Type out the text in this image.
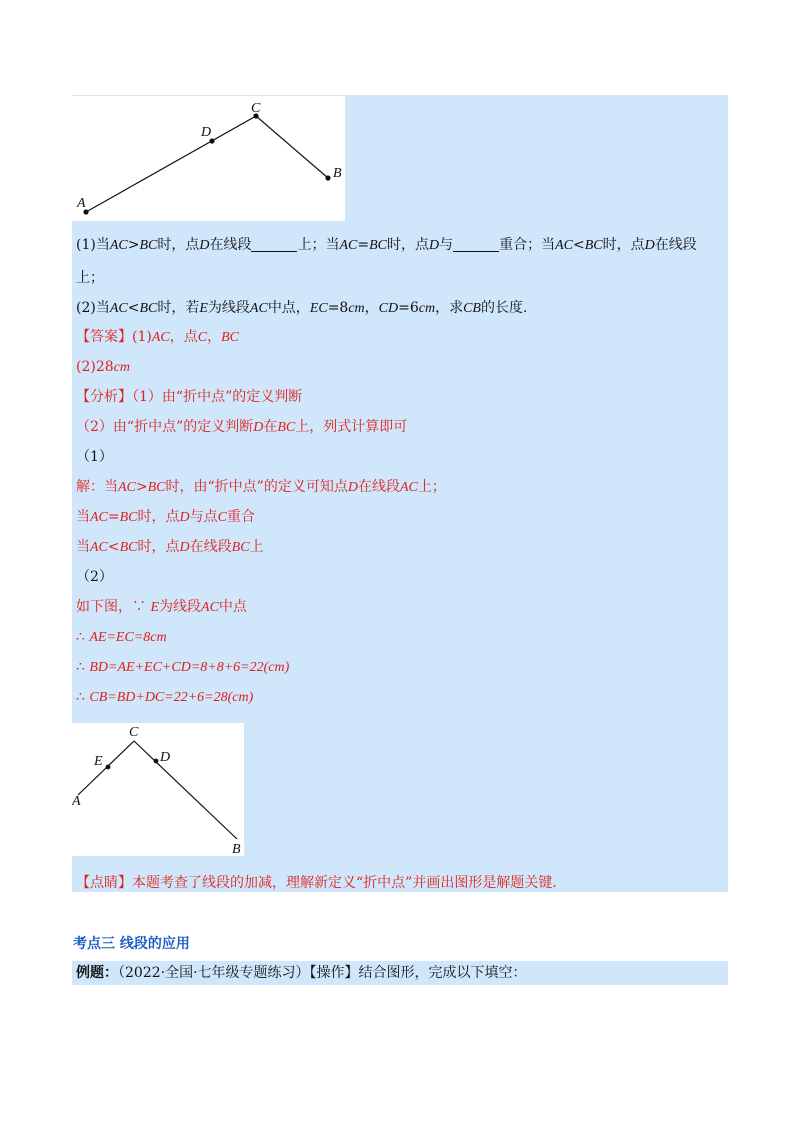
A
D
C
B
(1)当AC>BC时，点D在线段	上；当AC=BC时，点D与	重合；当AC<BC时，点D在线段
上；
(2)当AC<BC时，若E为线段AC中点，EC=8cm，CD=6cm，求CB的长度.
【答案】(1)AC，点C，BC
(2)28cm
【分析】（1）由“折中点”的定义判断
（2）由“折中点”的定义判断D在BC上，列式计算即可
（1）
解：当AC>BC时，由“折中点”的定义可知点D在线段AC上；
当AC=BC时，点D与点C重合
当AC<BC时，点D在线段BC上
（2）
如下图，∵ E为线段AC中点
∴ AE=EC=8cm
∴ BD=AE+EC+CD=8+8+6=22(cm)
∴ CB=BD+DC=22+6=28(cm)
A
E
C
D
B
【点睛】本题考查了线段的加减，理解新定义“折中点”并画出图形是解题关键.
考点三 线段的应用
例题：（2022·全国·七年级专题练习）【操作】结合图形，完成以下填空：
